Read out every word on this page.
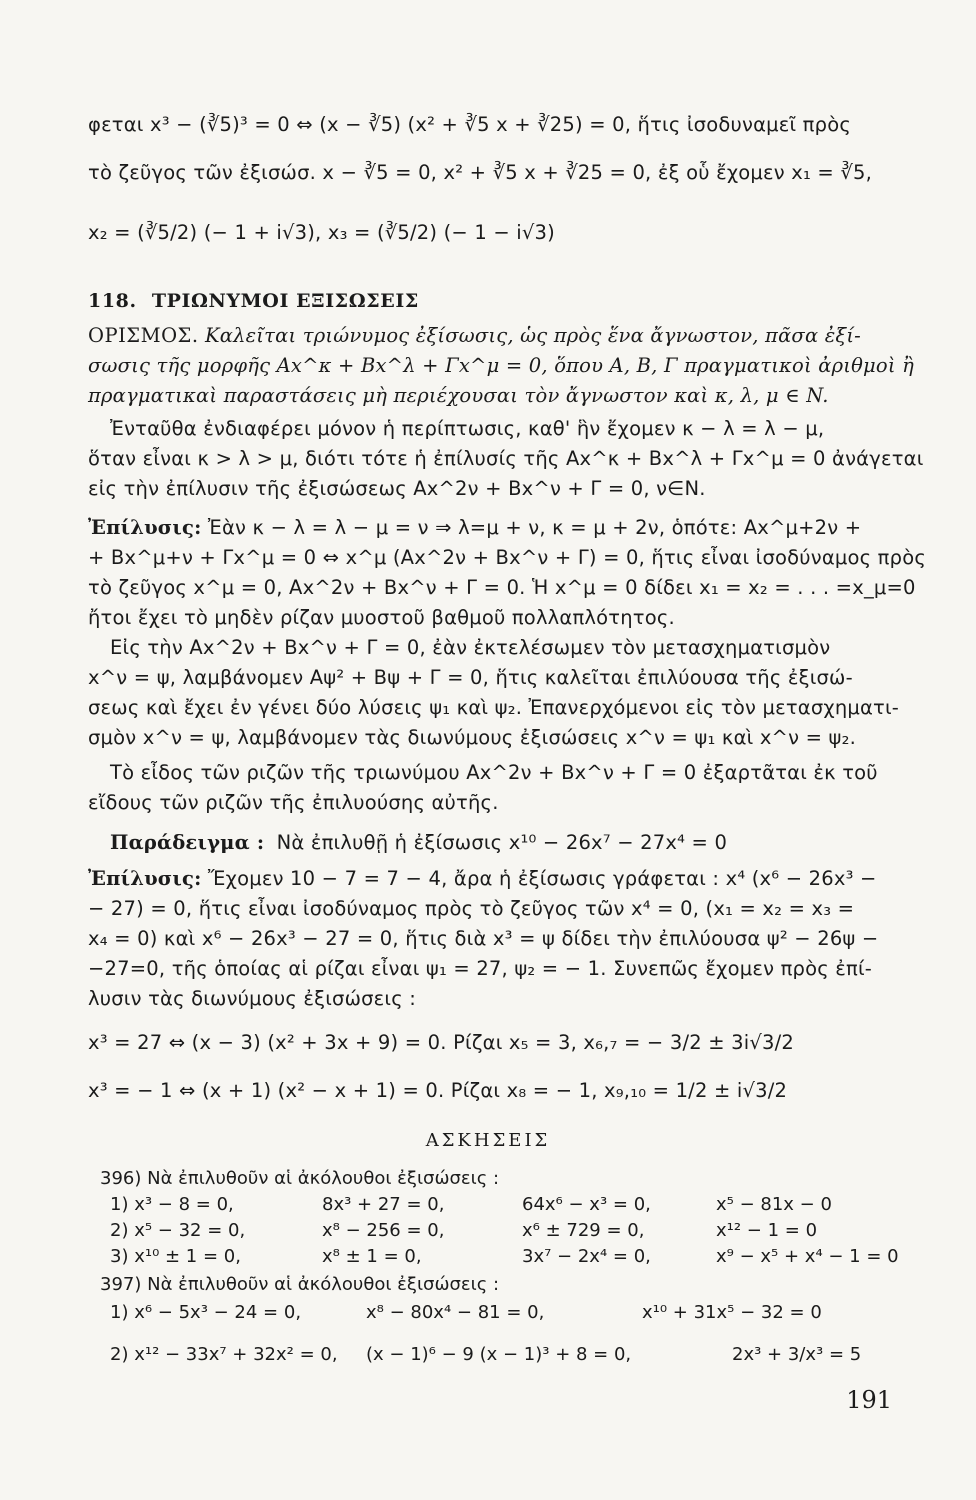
φεται x³ − (∛5)³ = 0 ⇔ (x − ∛5) (x² + ∛5 x + ∛25) = 0, ἥτις ἰσοδυναμεῖ πρὸς
τὸ ζεῦγος τῶν ἐξισώσ. x − ∛5 = 0, x² + ∛5 x + ∛25 = 0, ἐξ οὗ ἔχομεν x₁ = ∛5,
x₂ = (∛5/2) (− 1 + i√3), x₃ = (∛5/2) (− 1 − i√3)
118. ΤΡΙΩΝΥΜΟΙ ΕΞΙΣΩΣΕΙΣ
ΟΡΙΣΜΟΣ. Καλεῖται τριώνυμος ἐξίσωσις, ὡς πρὸς ἕνα ἄγνωστον, πᾶσα ἐξί-
σωσις τῆς μορφῆς Ax^κ + Bx^λ + Γx^μ = 0, ὅπου A, B, Γ πραγματικοὶ ἀριθμοὶ ἢ
πραγματικαὶ παραστάσεις μὴ περιέχουσαι τὸν ἄγνωστον καὶ κ, λ, μ ∈ N.
Ἐνταῦθα ἐνδιαφέρει μόνον ἡ περίπτωσις, καθ' ἣν ἔχομεν κ − λ = λ − μ,
ὅταν εἶναι κ > λ > μ, διότι τότε ἡ ἐπίλυσίς τῆς Ax^κ + Bx^λ + Γx^μ = 0 ἀνάγεται
εἰς τὴν ἐπίλυσιν τῆς ἐξισώσεως Ax^2ν + Bx^ν + Γ = 0, ν∈N.
Ἐπίλυσις: Ἐὰν κ − λ = λ − μ = ν ⇒ λ=μ + ν, κ = μ + 2ν, ὁπότε: Ax^μ+2ν +
+ Bx^μ+ν + Γx^μ = 0 ⇔ x^μ (Ax^2ν + Bx^ν + Γ) = 0, ἥτις εἶναι ἰσοδύναμος πρὸς
τὸ ζεῦγος x^μ = 0, Ax^2ν + Bx^ν + Γ = 0. Ἡ x^μ = 0 δίδει x₁ = x₂ = . . . =x_μ=0
ἤτοι ἔχει τὸ μηδὲν ρίζαν μυοστοῦ βαθμοῦ πολλαπλότητος.
Εἰς τὴν Ax^2ν + Bx^ν + Γ = 0, ἐὰν ἐκτελέσωμεν τὸν μετασχηματισμὸν
x^ν = ψ, λαμβάνομεν Aψ² + Bψ + Γ = 0, ἥτις καλεῖται ἐπιλύουσα τῆς ἐξισώ-
σεως καὶ ἔχει ἐν γένει δύο λύσεις ψ₁ καὶ ψ₂. Ἐπανερχόμενοι εἰς τὸν μετασχηματι-
σμὸν x^ν = ψ, λαμβάνομεν τὰς διωνύμους ἐξισώσεις x^ν = ψ₁ καὶ x^ν = ψ₂.
Τὸ εἶδος τῶν ριζῶν τῆς τριωνύμου Ax^2ν + Bx^ν + Γ = 0 ἐξαρτᾶται ἐκ τοῦ
εἴδους τῶν ριζῶν τῆς ἐπιλυούσης αὐτῆς.
Παράδειγμα : Νὰ ἐπιλυθῇ ἡ ἐξίσωσις x¹⁰ − 26x⁷ − 27x⁴ = 0
Ἐπίλυσις: Ἔχομεν 10 − 7 = 7 − 4, ἄρα ἡ ἐξίσωσις γράφεται : x⁴ (x⁶ − 26x³ −
− 27) = 0, ἥτις εἶναι ἰσοδύναμος πρὸς τὸ ζεῦγος τῶν x⁴ = 0, (x₁ = x₂ = x₃ =
x₄ = 0) καὶ x⁶ − 26x³ − 27 = 0, ἥτις διὰ x³ = ψ δίδει τὴν ἐπιλύουσα ψ² − 26ψ −
−27=0, τῆς ὁποίας αἱ ρίζαι εἶναι ψ₁ = 27, ψ₂ = − 1. Συνεπῶς ἔχομεν πρὸς ἐπί-
λυσιν τὰς διωνύμους ἐξισώσεις :
x³ = 27 ⇔ (x − 3) (x² + 3x + 9) = 0. Ρίζαι x₅ = 3, x₆,₇ = − 3/2 ± 3i√3/2
x³ = − 1 ⇔ (x + 1) (x² − x + 1) = 0. Ρίζαι x₈ = − 1, x₉,₁₀ = 1/2 ± i√3/2
ΑΣΚΗΣΕΙΣ
396) Νὰ ἐπιλυθοῦν αἱ ἀκόλουθοι ἐξισώσεις :
1) x³ − 8 = 0,	8x³ + 27 = 0,	64x⁶ − x³ = 0,	x⁵ − 81x − 0
2) x⁵ − 32 = 0,	x⁸ − 256 = 0,	x⁶ ± 729 = 0,	x¹² − 1 = 0
3) x¹⁰ ± 1 = 0,	x⁸ ± 1 = 0,	3x⁷ − 2x⁴ = 0,	x⁹ − x⁵ + x⁴ − 1 = 0
397) Νὰ ἐπιλυθοῦν αἱ ἀκόλουθοι ἐξισώσεις :
1) x⁶ − 5x³ − 24 = 0,	x⁸ − 80x⁴ − 81 = 0,	x¹⁰ + 31x⁵ − 32 = 0
2) x¹² − 33x⁷ + 32x² = 0, (x − 1)⁶ − 9 (x − 1)³ + 8 = 0,	2x³ + 3/x³ = 5
191
